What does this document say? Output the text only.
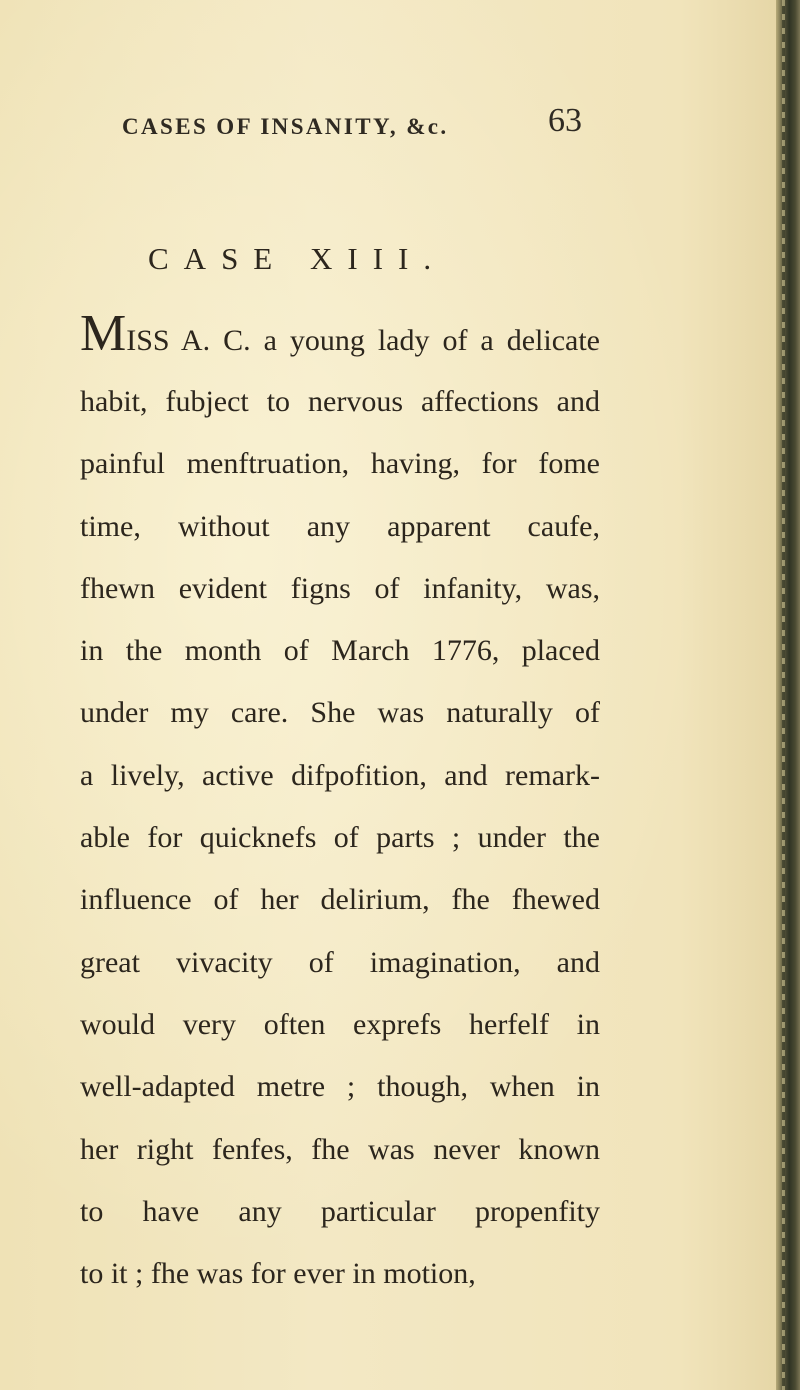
CASES OF INSANITY, &c.	63
CASE XIII.
MISS A. C. a young lady of a delicate
habit, fubject to nervous affections and
painful menftruation, having, for fome
time, without any apparent caufe,
fhewn evident figns of infanity, was,
in the month of March 1776, placed
under my care. She was naturally of
a lively, active difpofition, and remark-
able for quicknefs of parts ; under the
influence of her delirium, fhe fhewed
great vivacity of imagination, and
would very often exprefs herfelf in
well-adapted metre ; though, when in
her right fenfes, fhe was never known
to have any particular propenfity
to it ; fhe was for ever in motion,
